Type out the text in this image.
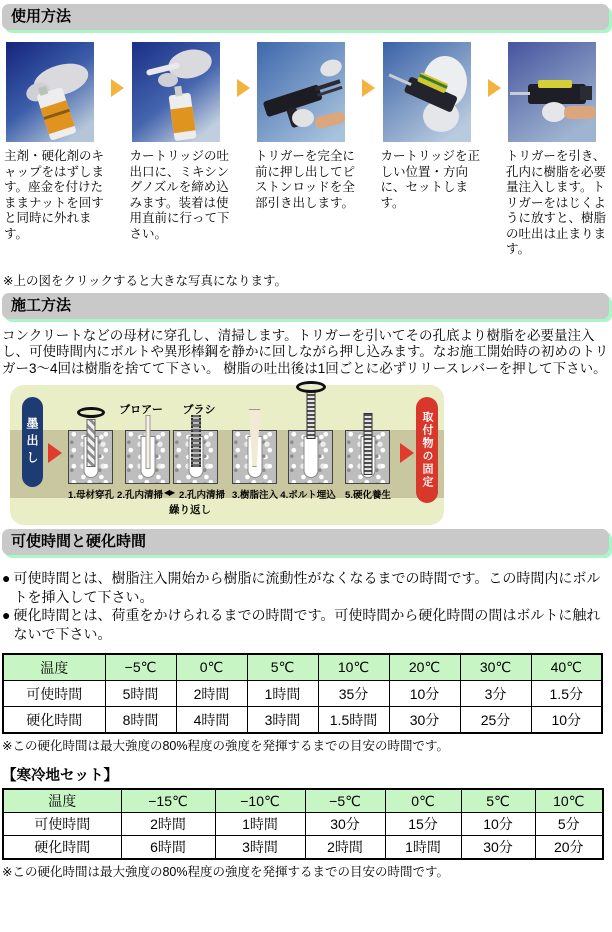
使用方法
主剤・硬化剤のキャップをはずします。座金を付けたままナットを回すと同時に外れます。
カートリッジの吐出口に、ミキシングノズルを締め込みます。装着は使用直前に行って下さい。
トリガーを完全に前に押し出してピストンロッドを全部引き出します。
カートリッジを正しい位置・方向に、セットします。
トリガーを引き、孔内に樹脂を必要量注入します。トリガーをはじくように放すと、樹脂の吐出は止まります。
※上の図をクリックすると大きな写真になります。
施工方法
コンクリートなどの母材に穿孔し、清掃します。トリガーを引いてその孔底より樹脂を必要量注入し、可使時間内にボルトや異形棒鋼を静かに回しながら押し込みます。なお施工開始時の初めのトリガー3～4回は樹脂を捨てて下さい。 樹脂の吐出後は1回ごとに必ずリリースレバーを押して下さい。
墨出し
ブロアー	ブラシ
1.母材穿孔 2.孔内清掃 ◀▶ 2.孔内清掃 3.樹脂注入 4.ボルト埋込 5.硬化養生
繰り返し
取付物の固定
可使時間と硬化時間
● 可使時間とは、樹脂注入開始から樹脂に流動性がなくなるまでの時間です。この時間内にボルトを挿入して下さい。
● 硬化時間とは、荷重をかけられるまでの時間です。可使時間から硬化時間の間はボルトに触れないで下さい。
温度	−5℃	0℃	5℃	10℃	20℃	30℃	40℃
可使時間	5時間	2時間	1時間	35分	10分	3分	1.5分
硬化時間	8時間	4時間	3時間	1.5時間	30分	25分	10分
※この硬化時間は最大強度の80%程度の強度を発揮するまでの目安の時間です。
【寒冷地セット】
温度	−15℃	−10℃	−5℃	0℃	5℃	10℃
可使時間	2時間	1時間	30分	15分	10分	5分
硬化時間	6時間	3時間	2時間	1時間	30分	20分
※この硬化時間は最大強度の80%程度の強度を発揮するまでの目安の時間です。
